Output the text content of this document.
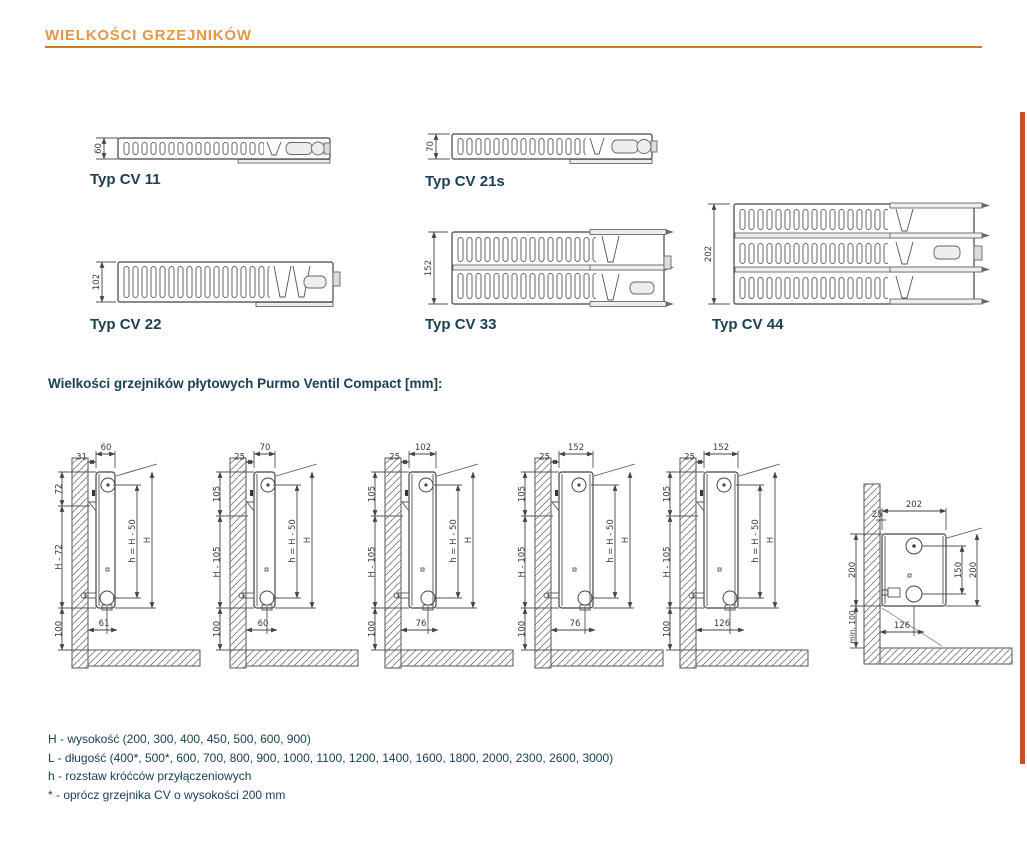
WIELKOŚCI GRZEJNIKÓW
60
Typ CV 11
70
Typ CV 21s
102
Typ CV 22
152
Typ CV 33
202
Typ CV 44
Wielkości grzejników płytowych Purmo Ventil Compact [mm]:
72
H - 72
100
60
31
h = H - 50 H
61
105
H - 105
100
70
25
h = H - 50 H
60
105
H - 105
100
102
25
h = H - 50 H
76
105
H - 105
100
152
25
h = H - 50 H
76
105
H - 105
100
152
25
h = H - 50 H
126
202
25
150 200
200
min. 100	126
H - wysokość (200, 300, 400, 450, 500, 600, 900)
L - długość (400*, 500*, 600, 700, 800, 900, 1000, 1100, 1200, 1400, 1600, 1800, 2000, 2300, 2600, 3000)
h - rozstaw króćców przyłączeniowych
* - oprócz grzejnika CV o wysokości 200 mm
